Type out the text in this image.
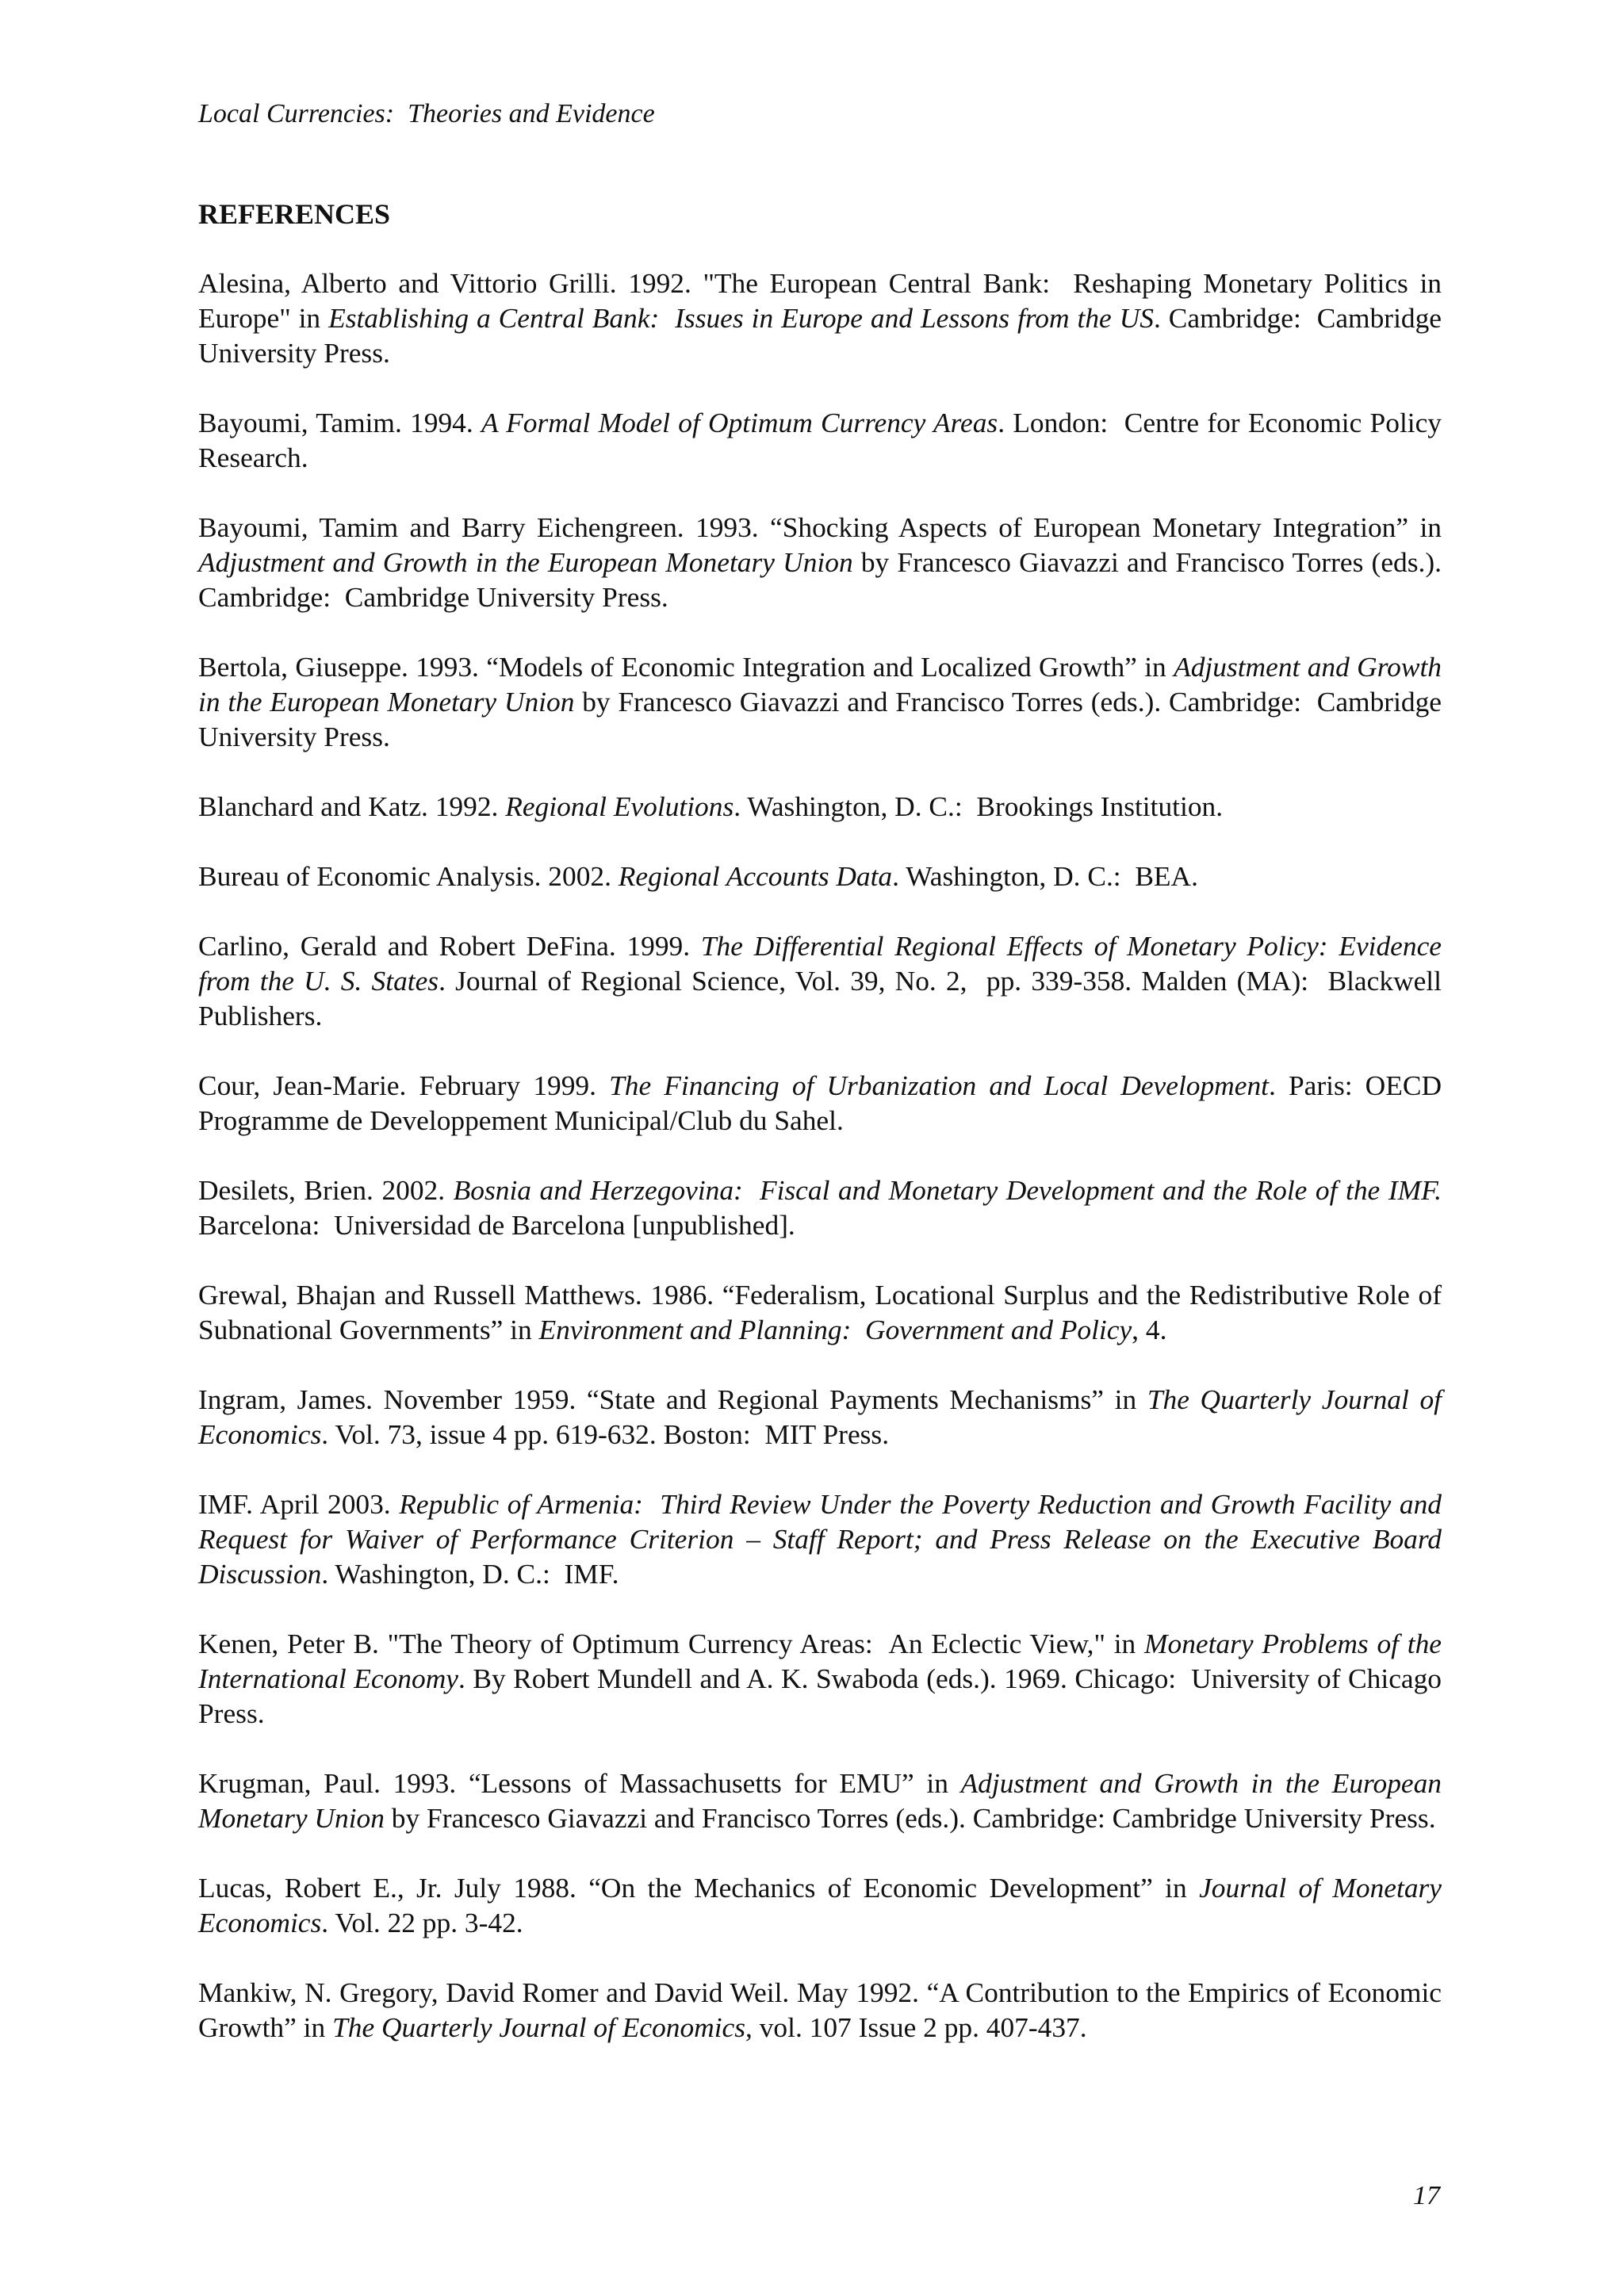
Local Currencies:  Theories and Evidence
REFERENCES

Alesina, Alberto and Vittorio Grilli. 1992. "The European Central Bank:  Reshaping Monetary Politics in Europe" in Establishing a Central Bank:  Issues in Europe and Lessons from the US. Cambridge:  Cambridge University Press.

Bayoumi, Tamim. 1994. A Formal Model of Optimum Currency Areas. London:  Centre for Economic Policy Research.

Bayoumi, Tamim and Barry Eichengreen. 1993. “Shocking Aspects of European Monetary Integration” in Adjustment and Growth in the European Monetary Union by Francesco Giavazzi and Francisco Torres (eds.). Cambridge:  Cambridge University Press.

Bertola, Giuseppe. 1993. “Models of Economic Integration and Localized Growth” in Adjustment and Growth in the European Monetary Union by Francesco Giavazzi and Francisco Torres (eds.). Cambridge:  Cambridge University Press.

Blanchard and Katz. 1992. Regional Evolutions. Washington, D. C.:  Brookings Institution.

Bureau of Economic Analysis. 2002. Regional Accounts Data. Washington, D. C.:  BEA.

Carlino, Gerald and Robert DeFina. 1999. The Differential Regional Effects of Monetary Policy: Evidence from the U. S. States. Journal of Regional Science, Vol. 39, No. 2,  pp. 339-358. Malden (MA):  Blackwell Publishers.

Cour, Jean-Marie. February 1999. The Financing of Urbanization and Local Development. Paris: OECD Programme de Developpement Municipal/Club du Sahel.

Desilets, Brien. 2002. Bosnia and Herzegovina:  Fiscal and Monetary Development and the Role of the IMF. Barcelona:  Universidad de Barcelona [unpublished].

Grewal, Bhajan and Russell Matthews. 1986. “Federalism, Locational Surplus and the Redistributive Role of Subnational Governments” in Environment and Planning:  Government and Policy, 4.

Ingram, James. November 1959. “State and Regional Payments Mechanisms” in The Quarterly Journal of Economics. Vol. 73, issue 4 pp. 619-632. Boston:  MIT Press.

IMF. April 2003. Republic of Armenia:  Third Review Under the Poverty Reduction and Growth Facility and Request for Waiver of Performance Criterion – Staff Report; and Press Release on the Executive Board Discussion. Washington, D. C.:  IMF.

Kenen, Peter B. "The Theory of Optimum Currency Areas:  An Eclectic View," in Monetary Problems of the International Economy. By Robert Mundell and A. K. Swaboda (eds.). 1969. Chicago:  University of Chicago Press.

Krugman, Paul. 1993. “Lessons of Massachusetts for EMU” in Adjustment and Growth in the European Monetary Union by Francesco Giavazzi and Francisco Torres (eds.). Cambridge: Cambridge University Press.

Lucas, Robert E., Jr. July 1988. “On the Mechanics of Economic Development” in Journal of Monetary Economics. Vol. 22 pp. 3-42.

Mankiw, N. Gregory, David Romer and David Weil. May 1992. “A Contribution to the Empirics of Economic Growth” in The Quarterly Journal of Economics, vol. 107 Issue 2 pp. 407-437.

17
